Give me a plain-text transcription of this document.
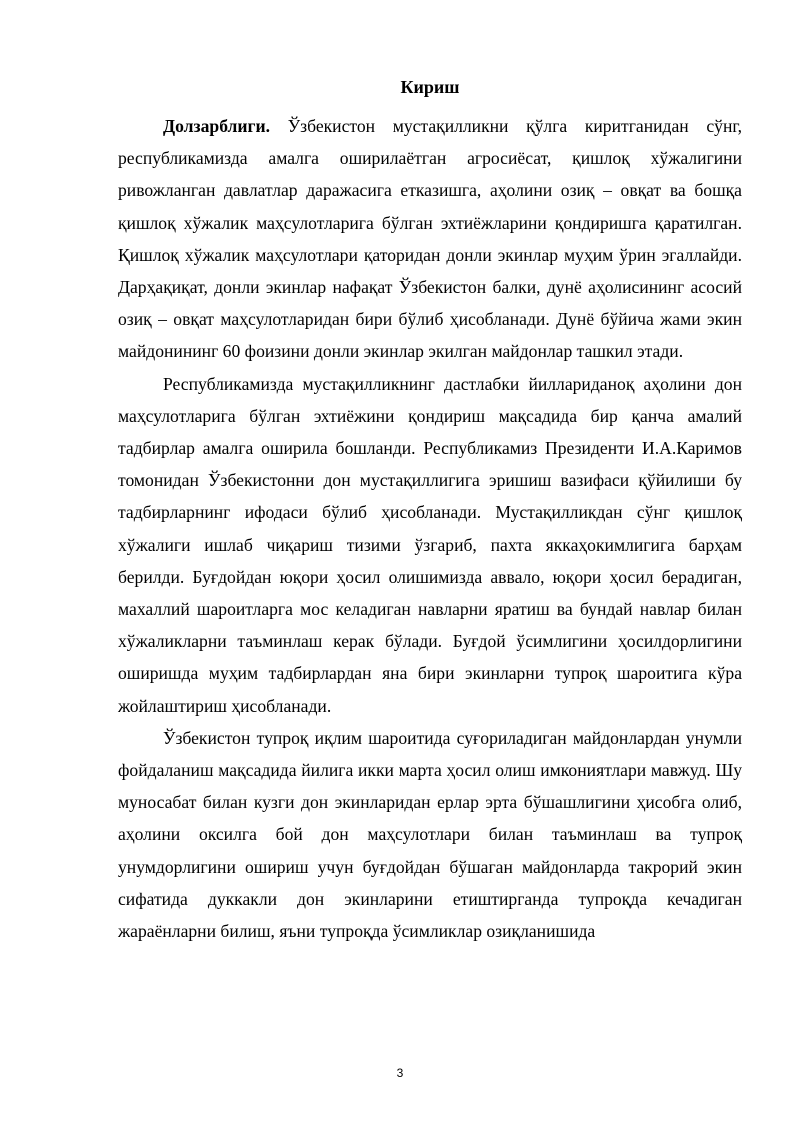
Кириш

Долзарблиги. Ўзбекистон мустақилликни қўлга киритганидан сўнг, республикамизда амалга оширилаётган агросиёсат, қишлоқ хўжалигини ривожланган давлатлар даражасига етказишга, аҳолини озиқ – овқат ва бошқа қишлоқ хўжалик маҳсулотларига бўлган эхтиёжларини қондиришга қаратилган. Қишлоқ хўжалик маҳсулотлари қаторидан донли экинлар муҳим ўрин эгаллайди. Дарҳақиқат, донли экинлар нафақат Ўзбекистон балки, дунё аҳолисининг асосий озиқ – овқат маҳсулотларидан бири бўлиб ҳисобланади. Дунё бўйича жами экин майдонининг 60 фоизини донли экинлар экилган майдонлар ташкил этади.

Республикамизда мустақилликнинг дастлабки йиллариданоқ аҳолини дон маҳсулотларига бўлган эхтиёжини қондириш мақсадида бир қанча амалий тадбирлар амалга оширила бошланди. Республикамиз Президенти И.А.Каримов томонидан Ўзбекистонни дон мустақиллигига эришиш вазифаси қўйилиши бу тадбирларнинг ифодаси бўлиб ҳисобланади. Мустақилликдан сўнг қишлоқ хўжалиги ишлаб чиқариш тизими ўзгариб, пахта яккаҳокимлигига барҳам берилди. Буғдойдан юқори ҳосил олишимизда аввало, юқори ҳосил берадиган, махаллий шароитларга мос келадиган навларни яратиш ва бундай навлар билан хўжаликларни таъминлаш керак бўлади. Буғдой ўсимлигини ҳосилдорлигини оширишда муҳим тадбирлардан яна бири экинларни тупроқ шароитига кўра жойлаштириш ҳисобланади.

Ўзбекистон тупроқ иқлим шароитида суғориладиган майдонлардан унумли фойдаланиш мақсадида йилига икки марта ҳосил олиш имкониятлари мавжуд. Шу муносабат билан кузги дон экинларидан ерлар эрта бўшашлигини ҳисобга олиб, аҳолини оксилга бой дон маҳсулотлари билан таъминлаш ва тупроқ унумдорлигини ошириш учун буғдойдан бўшаган майдонларда такрорий экин сифатида дуккакли дон экинларини етиштирганда тупроқда кечадиган жараёнларни билиш, яъни тупроқда ўсимликлар озиқланишида

3
